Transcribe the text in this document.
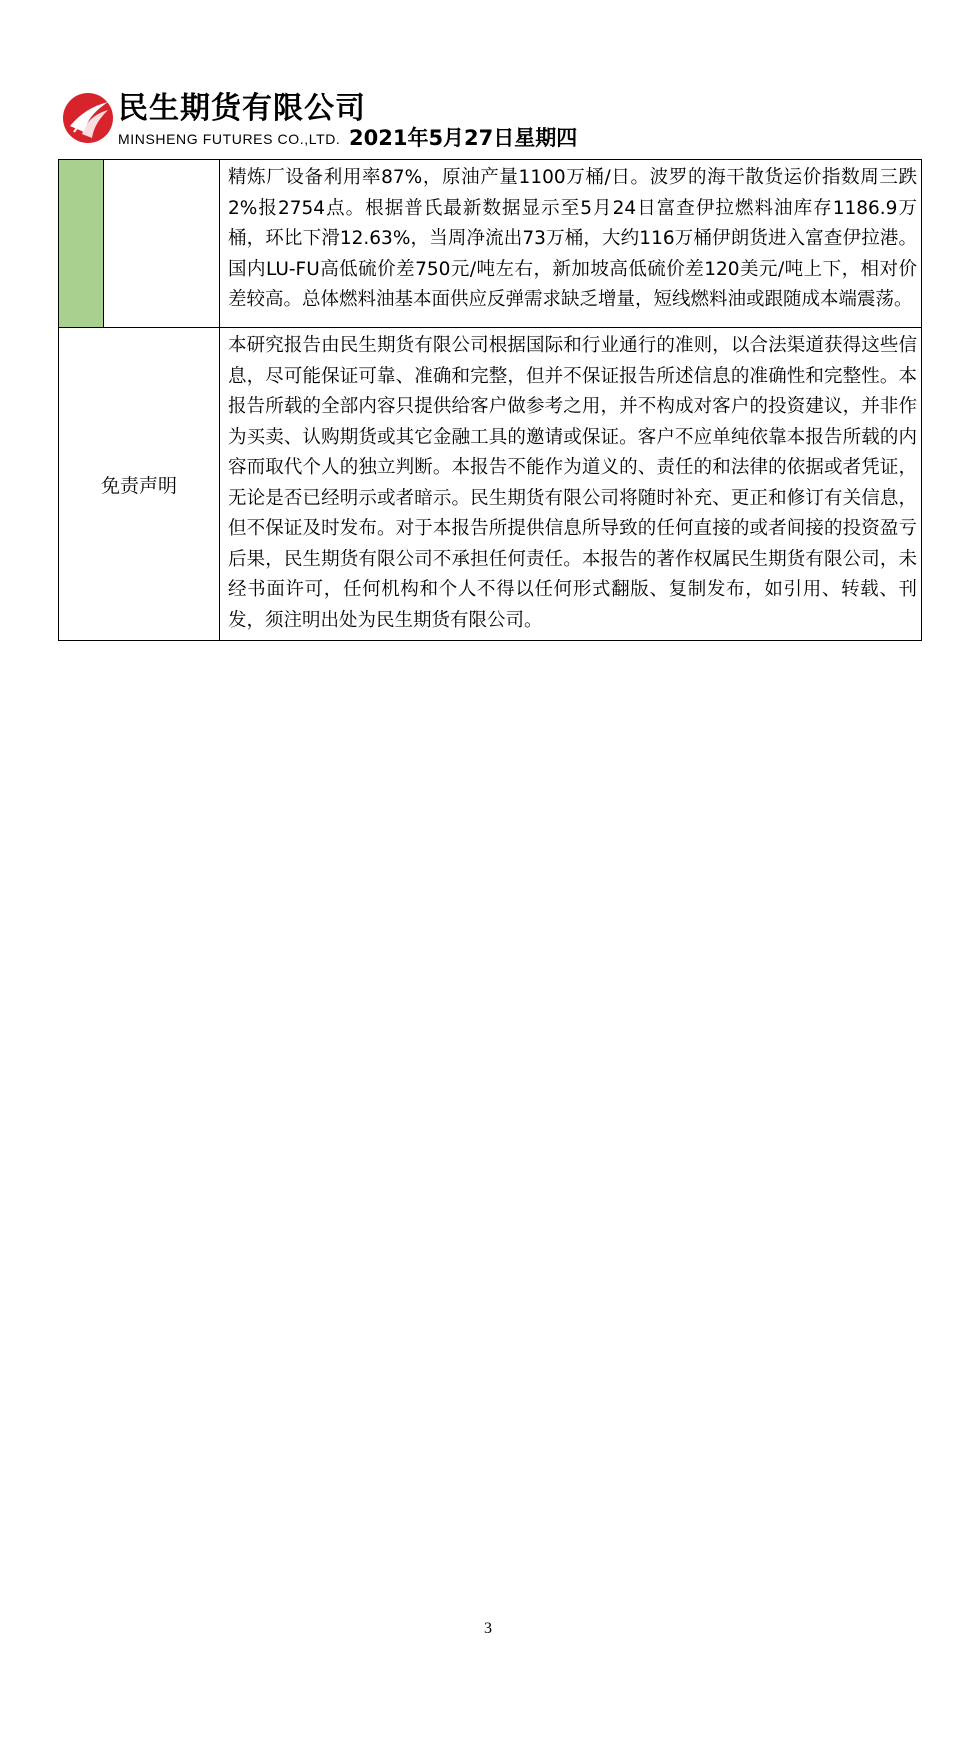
民生期货有限公司
MINSHENG FUTURES CO.,LTD. 2021年5月27日星期四
		精炼厂设备利用率87%，原油产量1100万桶/日。波罗的海干散货运价指数周三跌2%报2754点。根据普氏最新数据显示至5月24日富查伊拉燃料油库存1186.9万桶，环比下滑12.63%，当周净流出73万桶，大约116万桶伊朗货进入富查伊拉港。国内LU-FU高低硫价差750元/吨左右，新加坡高低硫价差120美元/吨上下，相对价差较高。总体燃料油基本面供应反弹需求缺乏增量，短线燃料油或跟随成本端震荡。
免责声明		本研究报告由民生期货有限公司根据国际和行业通行的准则，以合法渠道获得这些信息，尽可能保证可靠、准确和完整，但并不保证报告所述信息的准确性和完整性。本报告所载的全部内容只提供给客户做参考之用，并不构成对客户的投资建议，并非作为买卖、认购期货或其它金融工具的邀请或保证。客户不应单纯依靠本报告所载的内容而取代个人的独立判断。本报告不能作为道义的、责任的和法律的依据或者凭证，无论是否已经明示或者暗示。民生期货有限公司将随时补充、更正和修订有关信息，但不保证及时发布。对于本报告所提供信息所导致的任何直接的或者间接的投资盈亏后果，民生期货有限公司不承担任何责任。本报告的著作权属民生期货有限公司，未经书面许可，任何机构和个人不得以任何形式翻版、复制发布，如引用、转载、刊发，须注明出处为民生期货有限公司。
3
